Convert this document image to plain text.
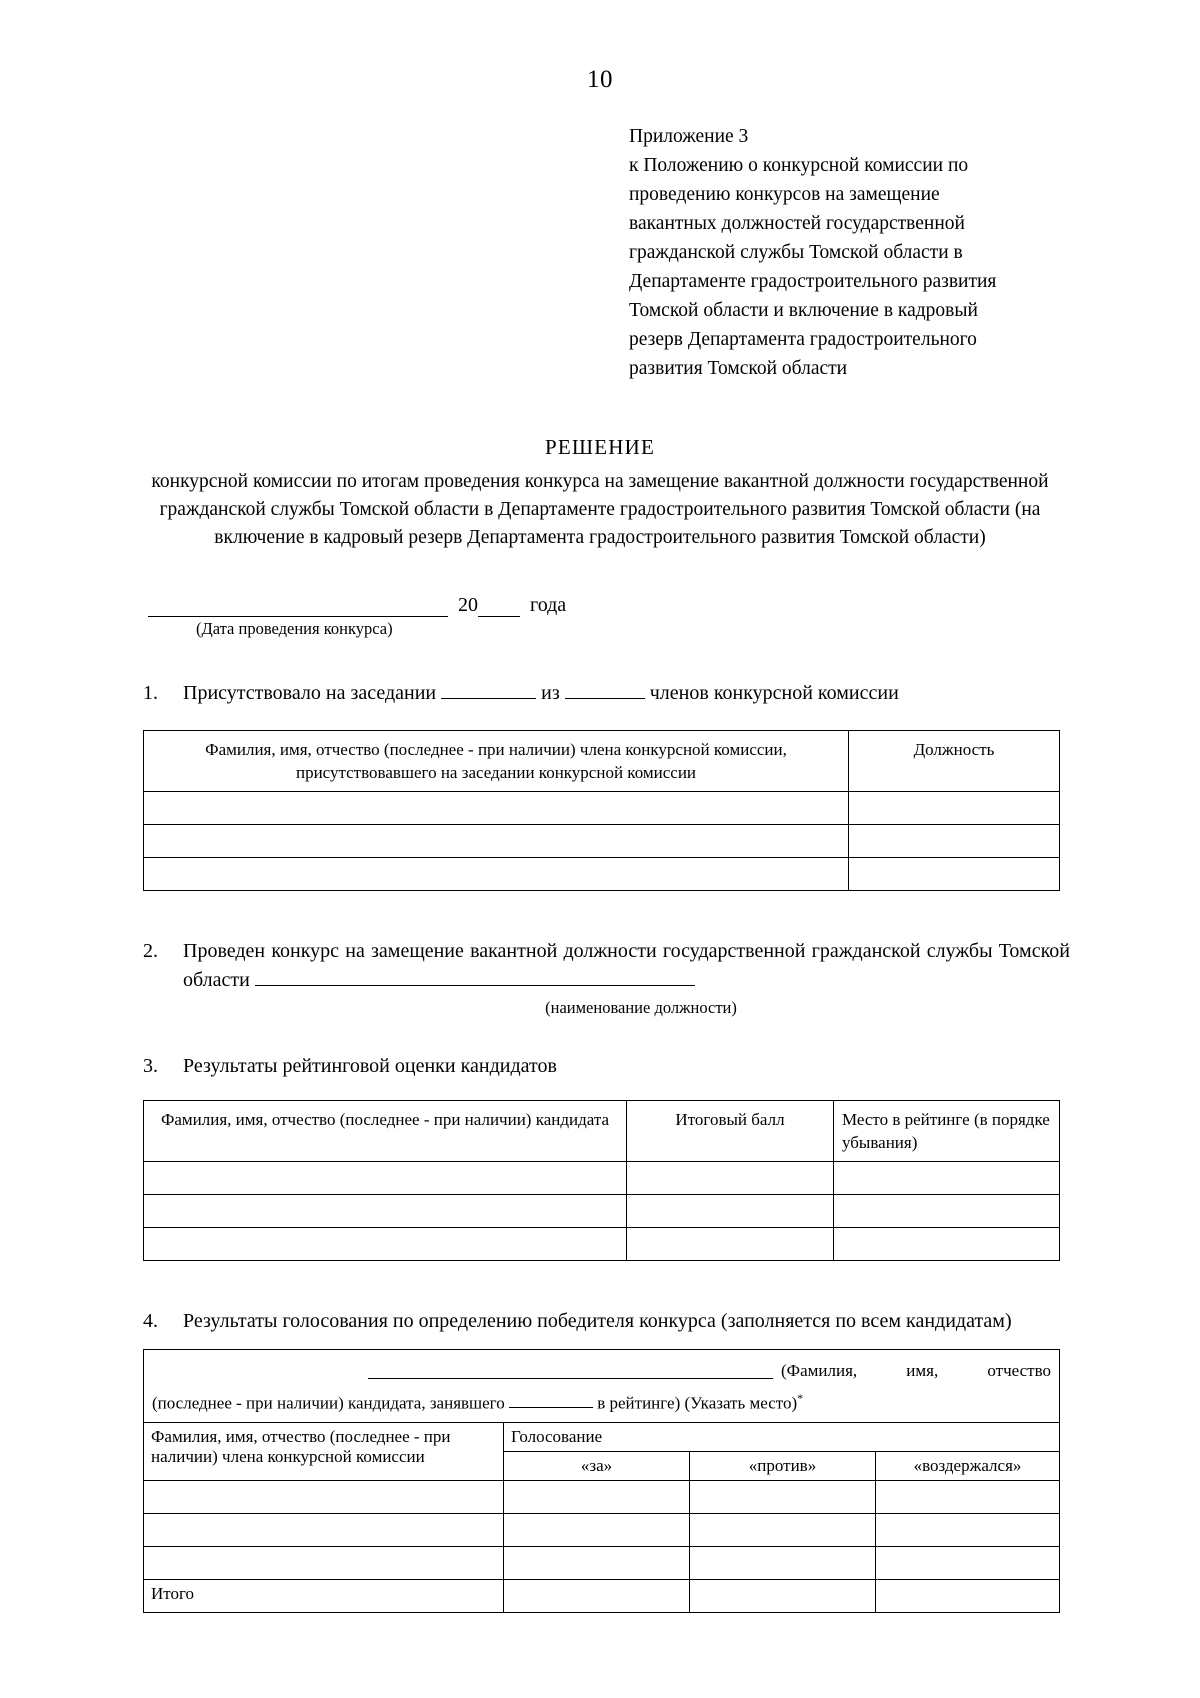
10
Приложение 3
к Положению о конкурсной комиссии по
проведению конкурсов на замещение
вакантных должностей государственной
гражданской службы Томской области в
Департаменте градостроительного развития
Томской области и включение в кадровый
резерв Департамента градостроительного
развития Томской области
РЕШЕНИЕ
конкурсной комиссии по итогам проведения конкурса на замещение вакантной должности государственной гражданской службы Томской области в Департаменте градостроительного развития Томской области (на включение в кадровый резерв Департамента градостроительного развития Томской области)
20	года
(Дата проведения конкурса)
1.	Присутствовало на заседании	из	членов конкурсной комиссии
Фамилия, имя, отчество (последнее - при наличии) члена конкурсной комиссии, присутствовавшего на заседании конкурсной комиссии	Должность

2.	Проведен конкурс на замещение вакантной должности государственной гражданской службы Томской области
(наименование должности)
3.	Результаты рейтинговой оценки кандидатов
Фамилия, имя, отчество (последнее - при наличии) кандидата	Итоговый балл	Место в рейтинге (в порядке убывания)

4.	Результаты голосования по определению победителя конкурса (заполняется по всем кандидатам)
(Фамилия, имя, отчество
(последнее - при наличии) кандидата, занявшего в рейтинге) (Указать место)*

Фамилия, имя, отчество (последнее - при наличии) члена конкурсной комиссии	Голосование		
	«за»	«против»	«воздержался»

Итого			
